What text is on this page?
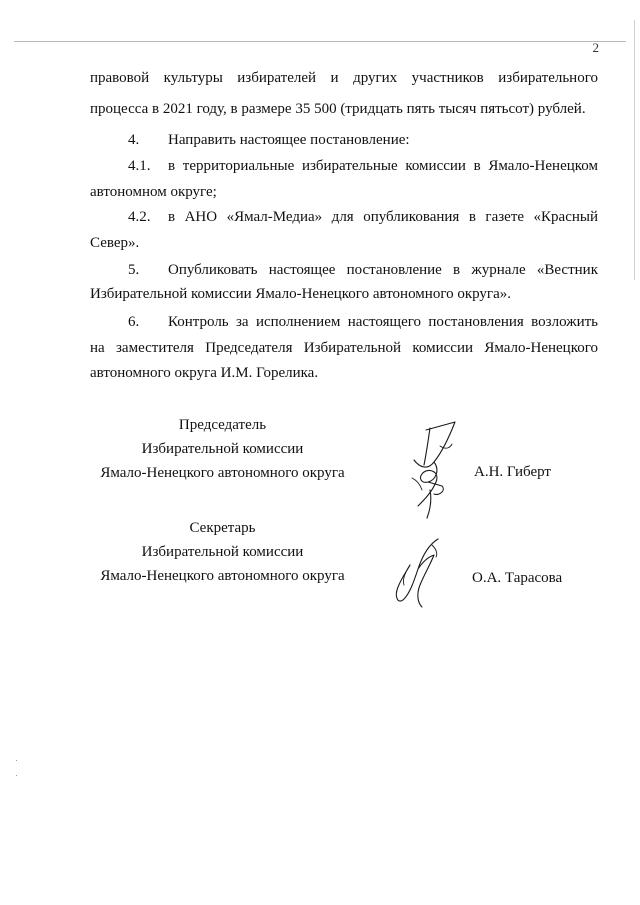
2
правовой культуры избирателей и других участников избирательного
процесса в 2021 году, в размере 35 500 (тридцать пять тысяч пятьсот) рублей.
4. Направить настоящее постановление:
4.1. в территориальные избирательные комиссии в Ямало-Ненецком
автономном округе;
4.2. в АНО «Ямал-Медиа» для опубликования в газете «Красный
Север».
5. Опубликовать настоящее постановление в журнале «Вестник
Избирательной комиссии Ямало-Ненецкого автономного округа».
6. Контроль за исполнением настоящего постановления возложить
на заместителя Председателя Избирательной комиссии Ямало-Ненецкого
автономного округа И.М. Горелика.
Председатель
Избирательной комиссии
Ямало-Ненецкого автономного округа	А.Н. Гиберт
Секретарь
Избирательной комиссии
Ямало-Ненецкого автономного округа	О.А. Тарасова
